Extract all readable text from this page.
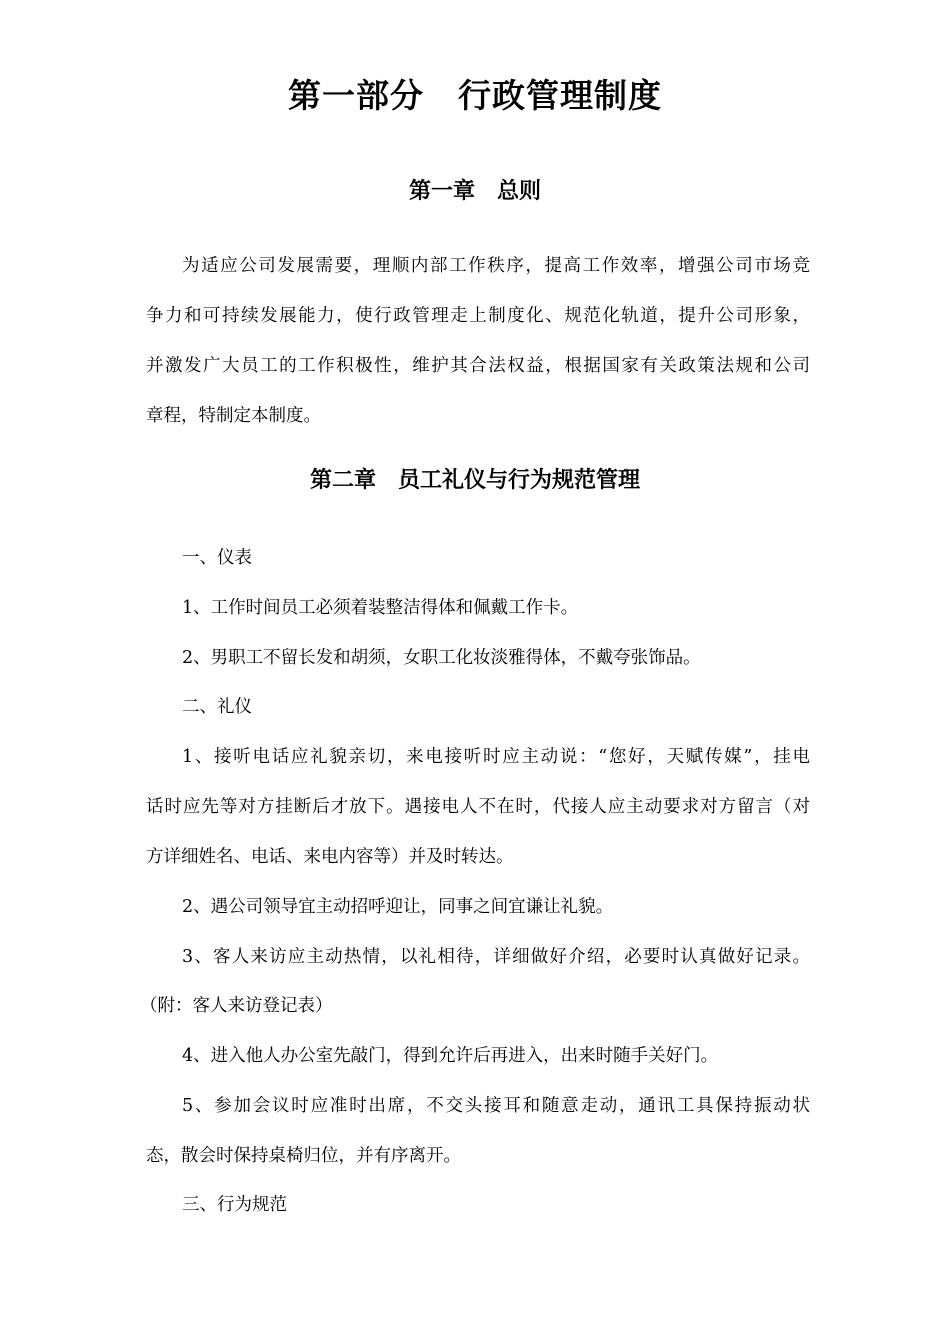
第一部分　行政管理制度
第一章　总则
为适应公司发展需要，理顺内部工作秩序，提高工作效率，增强公司市场竞
争力和可持续发展能力，使行政管理走上制度化、规范化轨道，提升公司形象，
并激发广大员工的工作积极性，维护其合法权益，根据国家有关政策法规和公司
章程，特制定本制度。
第二章　员工礼仪与行为规范管理
一、仪表
1、工作时间员工必须着装整洁得体和佩戴工作卡。
2、男职工不留长发和胡须，女职工化妆淡雅得体，不戴夸张饰品。
二、礼仪
1、接听电话应礼貌亲切，来电接听时应主动说：“您好，天赋传媒”，挂电
话时应先等对方挂断后才放下。遇接电人不在时，代接人应主动要求对方留言（对
方详细姓名、电话、来电内容等）并及时转达。
2、遇公司领导宜主动招呼迎让，同事之间宜谦让礼貌。
3、客人来访应主动热情，以礼相待，详细做好介绍，必要时认真做好记录。
（附：客人来访登记表）
4、进入他人办公室先敲门，得到允许后再进入，出来时随手关好门。
5、参加会议时应准时出席，不交头接耳和随意走动，通讯工具保持振动状
态，散会时保持桌椅归位，并有序离开。
三、行为规范
